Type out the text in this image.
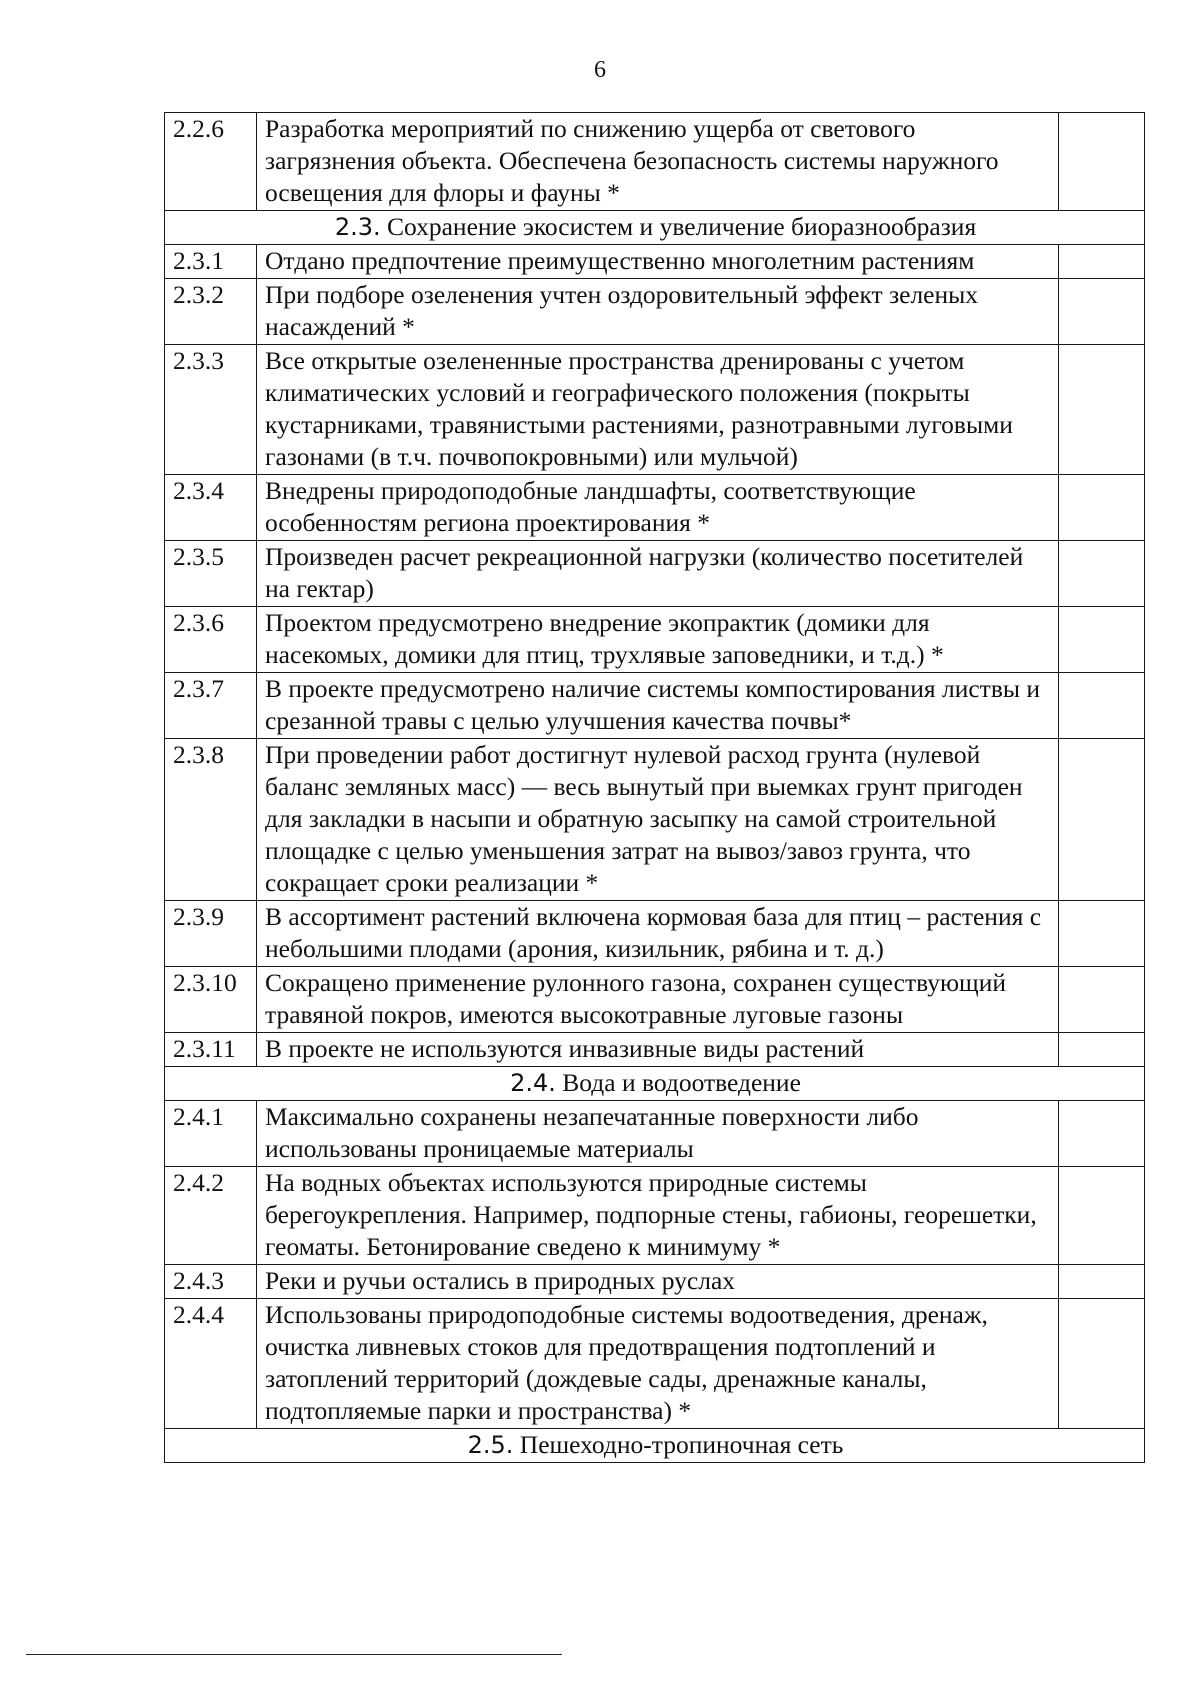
6
2.2.6	Разработка мероприятий по снижению ущерба от светового загрязнения объекта. Обеспечена безопасность системы наружного освещения для флоры и фауны *	
2.3. Сохранение экосистем и увеличение биоразнообразия		
2.3.1	Отдано предпочтение преимущественно многолетним растениям	
2.3.2	При подборе озеленения учтен оздоровительный эффект зеленых насаждений *	
2.3.3	Все открытые озелененные пространства дренированы с учетом климатических условий и географического положения (покрыты кустарниками, травянистыми растениями, разнотравными луговыми газонами (в т.ч. почвопокровными) или мульчой)	
2.3.4	Внедрены природоподобные ландшафты, соответствующие особенностям региона проектирования *	
2.3.5	Произведен расчет рекреационной нагрузки (количество посетителей на гектар)	
2.3.6	Проектом предусмотрено внедрение экопрактик (домики для насекомых, домики для птиц, трухлявые заповедники, и т.д.) *	
2.3.7	В проекте предусмотрено наличие системы компостирования листвы и срезанной травы с целью улучшения качества почвы*	
2.3.8	При проведении работ достигнут нулевой расход грунта (нулевой баланс земляных масс) — весь вынутый при выемках грунт пригоден для закладки в насыпи и обратную засыпку на самой строительной площадке с целью уменьшения затрат на вывоз/завоз грунта, что сокращает сроки реализации *	
2.3.9	В ассортимент растений включена кормовая база для птиц – растения с небольшими плодами (арония, кизильник, рябина и т. д.)	
2.3.10	Сокращено применение рулонного газона, сохранен существующий травяной покров, имеются высокотравные луговые газоны	
2.3.11	В проекте не используются инвазивные виды растений	
2.4. Вода и водоотведение		
2.4.1	Максимально сохранены незапечатанные поверхности либо использованы проницаемые материалы	
2.4.2	На водных объектах используются природные системы берегоукрепления. Например, подпорные стены, габионы, георешетки, геоматы. Бетонирование сведено к минимуму *	
2.4.3	Реки и ручьи остались в природных руслах	
2.4.4	Использованы природоподобные системы водоотведения, дренаж, очистка ливневых стоков для предотвращения подтоплений и затоплений территорий (дождевые сады, дренажные каналы, подтопляемые парки и пространства) *	
2.5. Пешеходно-тропиночная сеть		
